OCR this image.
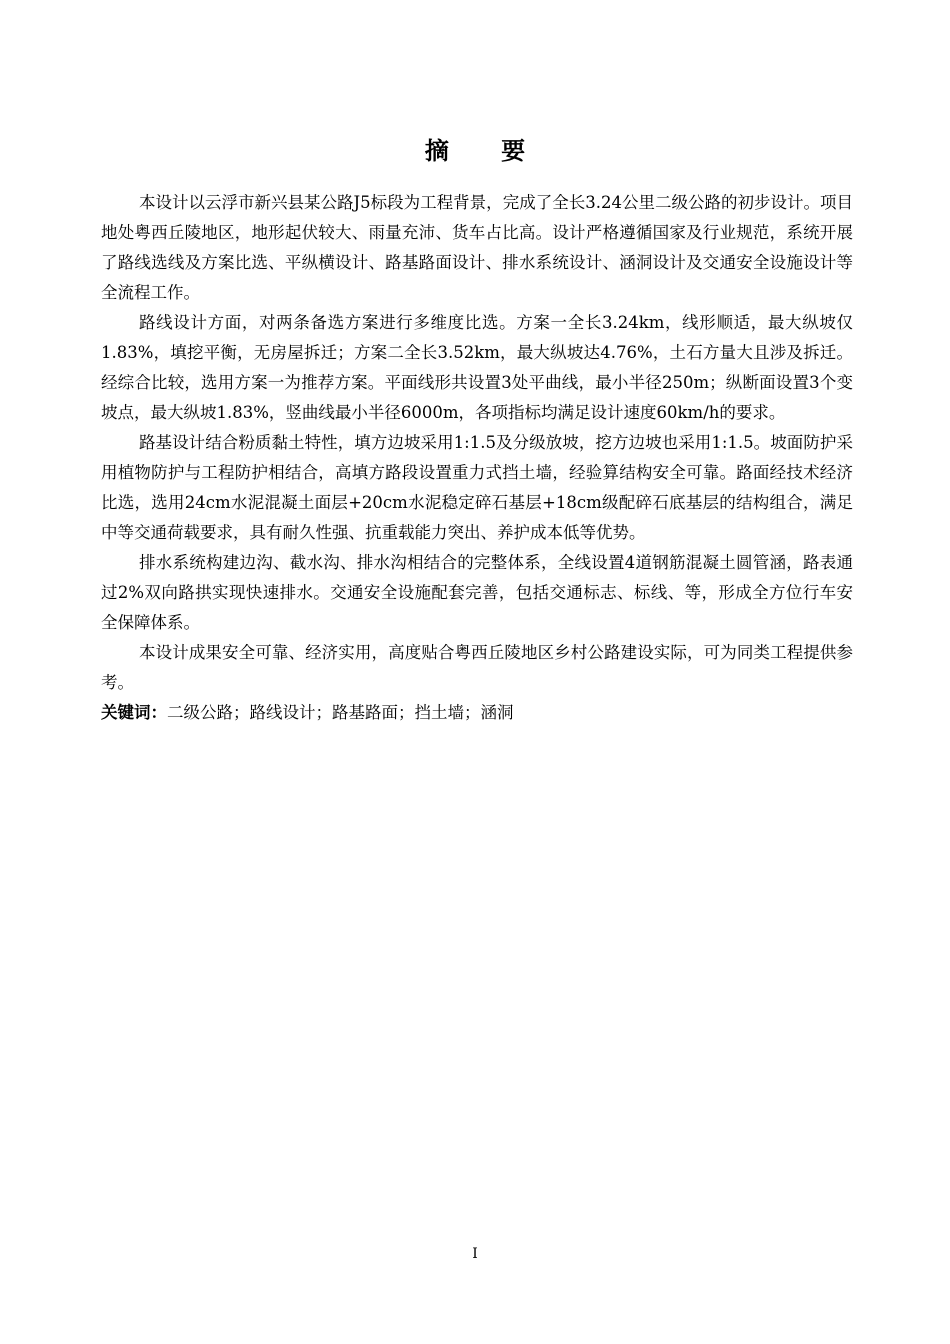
摘 要

本设计以云浮市新兴县某公路J5标段为工程背景，完成了全长3.24公里二级公路的初步设计。项目地处粤西丘陵地区，地形起伏较大、雨量充沛、货车占比高。设计严格遵循国家及行业规范，系统开展了路线选线及方案比选、平纵横设计、路基路面设计、排水系统设计、涵洞设计及交通安全设施设计等全流程工作。

路线设计方面，对两条备选方案进行多维度比选。方案一全长3.24km，线形顺适，最大纵坡仅1.83%，填挖平衡，无房屋拆迁；方案二全长3.52km，最大纵坡达4.76%，土石方量大且涉及拆迁。经综合比较，选用方案一为推荐方案。平面线形共设置3处平曲线，最小半径250m；纵断面设置3个变坡点，最大纵坡1.83%，竖曲线最小半径6000m，各项指标均满足设计速度60km/h的要求。

路基设计结合粉质黏土特性，填方边坡采用1:1.5及分级放坡，挖方边坡也采用1:1.5。坡面防护采用植物防护与工程防护相结合，高填方路段设置重力式挡土墙，经验算结构安全可靠。路面经技术经济比选，选用24cm水泥混凝土面层+20cm水泥稳定碎石基层+18cm级配碎石底基层的结构组合，满足中等交通荷载要求，具有耐久性强、抗重载能力突出、养护成本低等优势。

排水系统构建边沟、截水沟、排水沟相结合的完整体系，全线设置4道钢筋混凝土圆管涵，路表通过2%双向路拱实现快速排水。交通安全设施配套完善，包括交通标志、标线、等，形成全方位行车安全保障体系。

本设计成果安全可靠、经济实用，高度贴合粤西丘陵地区乡村公路建设实际，可为同类工程提供参考。

关键词：二级公路；路线设计；路基路面；挡土墙；涵洞

I
